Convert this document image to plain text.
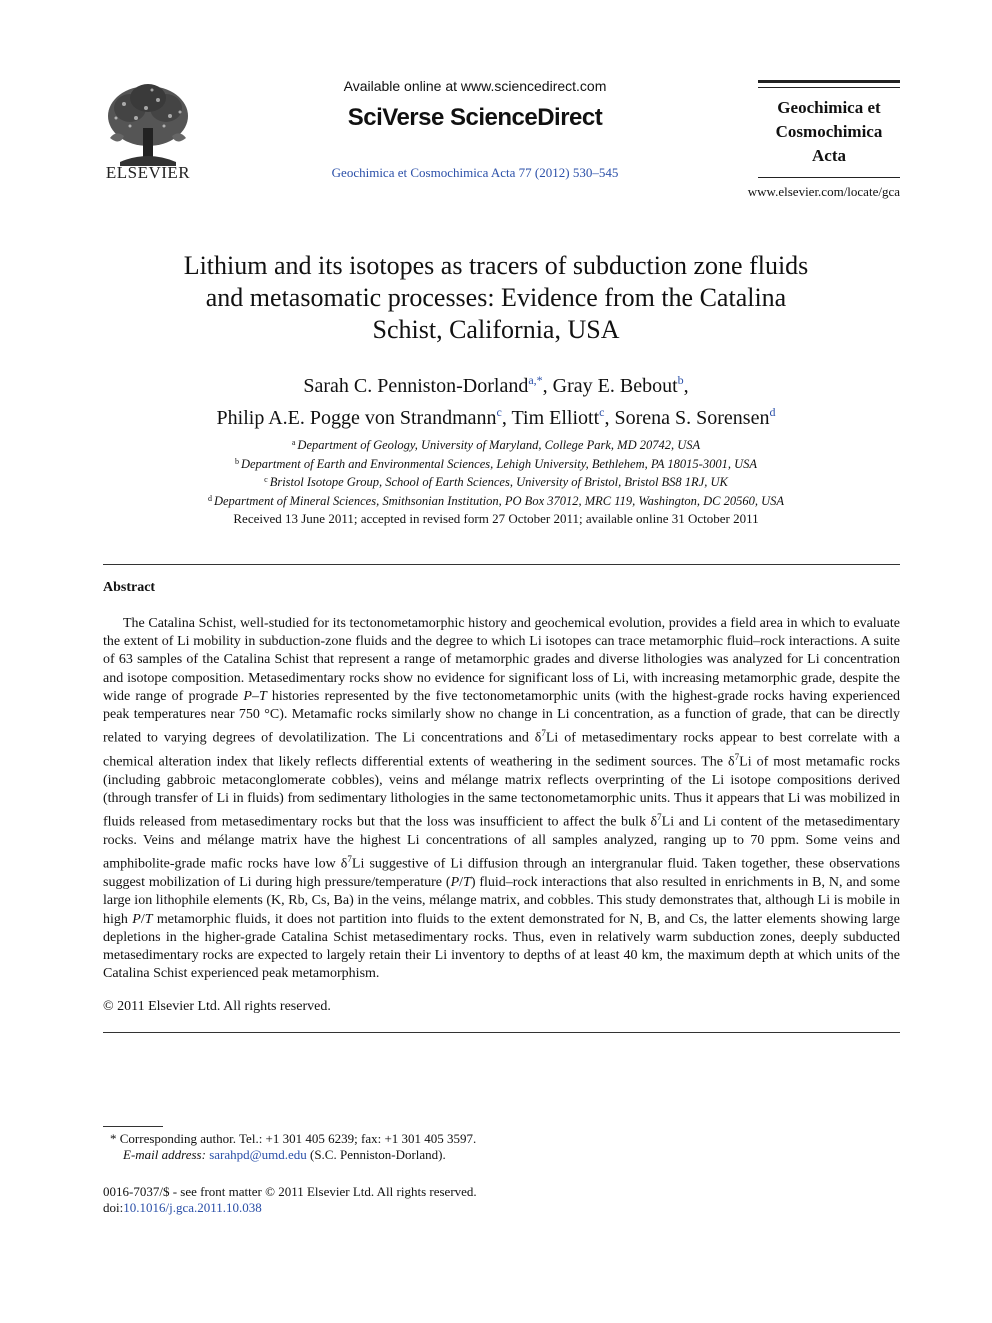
ELSEVIER
Available online at www.sciencedirect.com
SciVerse ScienceDirect
Geochimica et Cosmochimica Acta 77 (2012) 530–545
Geochimica et
Cosmochimica
Acta
www.elsevier.com/locate/gca
Lithium and its isotopes as tracers of subduction zone fluids
and metasomatic processes: Evidence from the Catalina
Schist, California, USA
Sarah C. Penniston-Dorland$^{a,*}$, Gray E. Bebout$^b$,
Philip A.E. Pogge von Strandmann$^c$, Tim Elliott$^c$, Sorena S. Sorensen$^d$
$^a$ Department of Geology, University of Maryland, College Park, MD 20742, USA
$^b$ Department of Earth and Environmental Sciences, Lehigh University, Bethlehem, PA 18015-3001, USA
$^c$ Bristol Isotope Group, School of Earth Sciences, University of Bristol, Bristol BS8 1RJ, UK
$^d$ Department of Mineral Sciences, Smithsonian Institution, PO Box 37012, MRC 119, Washington, DC 20560, USA
Received 13 June 2011; accepted in revised form 27 October 2011; available online 31 October 2011
Abstract

The Catalina Schist, well-studied for its tectonometamorphic history and geochemical evolution, provides a field area in which to evaluate the extent of Li mobility in subduction-zone fluids and the degree to which Li isotopes can trace metamorphic fluid–rock interactions. A suite of 63 samples of the Catalina Schist that represent a range of metamorphic grades and diverse lithologies was analyzed for Li concentration and isotope composition. Metasedimentary rocks show no evidence for significant loss of Li, with increasing metamorphic grade, despite the wide range of prograde P–T histories represented by the five tectonometamorphic units (with the highest-grade rocks having experienced peak temperatures near 750 °C). Metamafic rocks similarly show no change in Li concentration, as a function of grade, that can be directly related to varying degrees of devolatilization. The Li concentrations and $\delta^7Li$ of metasedimentary rocks appear to best correlate with a chemical alteration index that likely reflects differential extents of weathering in the sediment sources. The $\delta^7Li$ of most metamafic rocks (including gabbroic metaconglomerate cobbles), veins and mélange matrix reflects overprinting of the Li isotope compositions derived (through transfer of Li in fluids) from sedimentary lithologies in the same tectonometamorphic units. Thus it appears that Li was mobilized in fluids released from metasedimentary rocks but that the loss was insufficient to affect the bulk $\delta^7Li$ and Li content of the metasedimentary rocks. Veins and mélange matrix have the highest Li concentrations of all samples analyzed, ranging up to 70 ppm. Some veins and amphibolite-grade mafic rocks have low $\delta^7Li$ suggestive of Li diffusion through an intergranular fluid. Taken together, these observations suggest mobilization of Li during high pressure/temperature (P/T) fluid–rock interactions that also resulted in enrichments in B, N, and some large ion lithophile elements (K, Rb, Cs, Ba) in the veins, mélange matrix, and cobbles. This study demonstrates that, although Li is mobile in high P/T metamorphic fluids, it does not partition into fluids to the extent demonstrated for N, B, and Cs, the latter elements showing large depletions in the higher-grade Catalina Schist metasedimentary rocks. Thus, even in relatively warm subduction zones, deeply subducted metasedimentary rocks are expected to largely retain their Li inventory to depths of at least 40 km, the maximum depth at which units of the Catalina Schist experienced peak metamorphism.

© 2011 Elsevier Ltd. All rights reserved.
* Corresponding author. Tel.: +1 301 405 6239; fax: +1 301 405 3597.
E-mail address: sarahpd@umd.edu (S.C. Penniston-Dorland).
0016-7037/$ - see front matter © 2011 Elsevier Ltd. All rights reserved.
doi:10.1016/j.gca.2011.10.038
